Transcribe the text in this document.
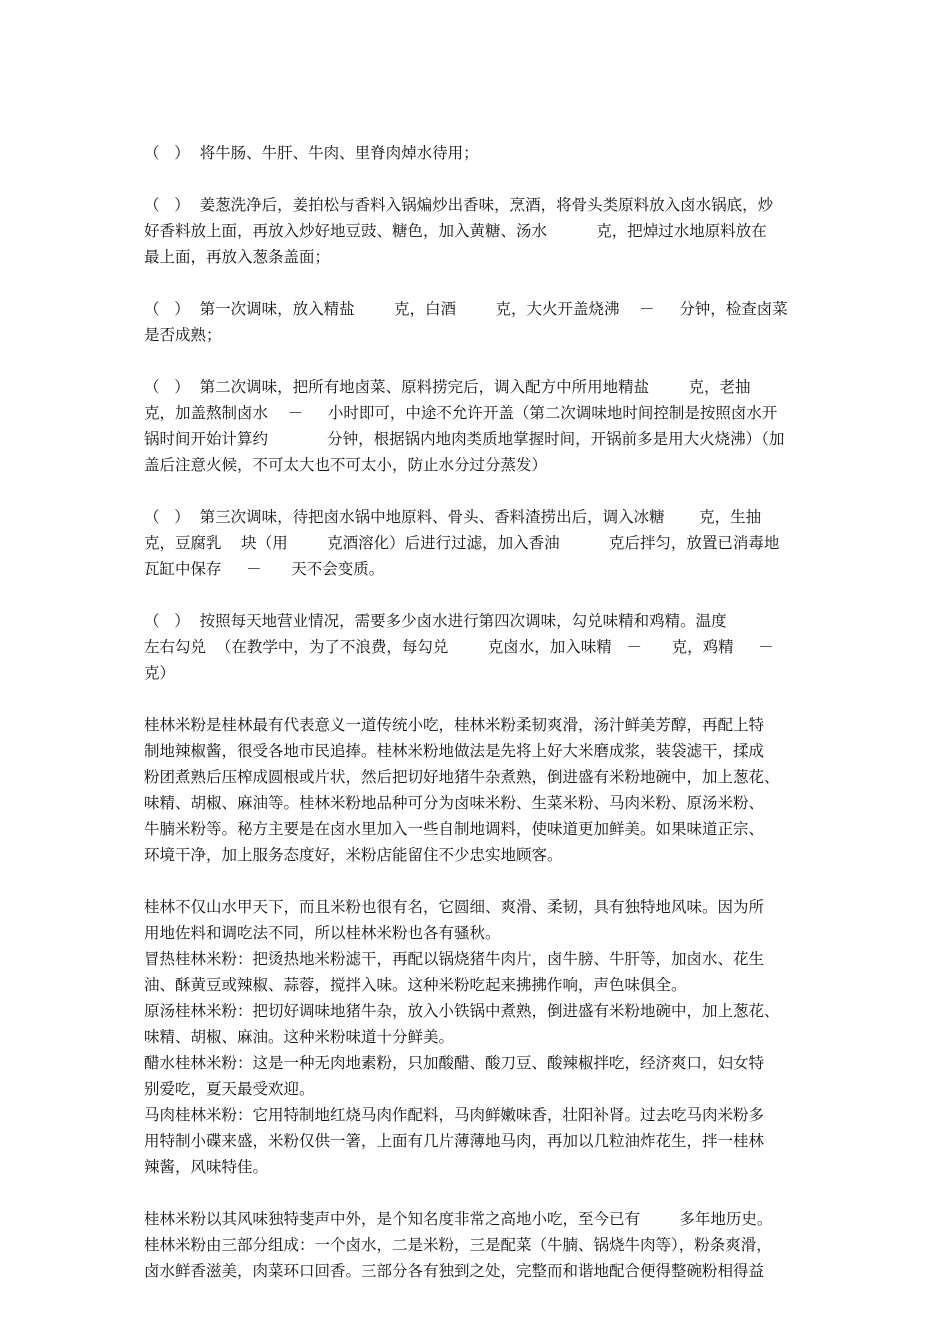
（   ）  将牛肠、牛肝、牛肉、里脊肉焯水待用；
（   ）  姜葱洗净后，姜拍松与香料入锅煸炒出香味，烹酒，将骨头类原料放入卤水锅底，炒
好香料放上面，再放入炒好地豆豉、糖色，加入黄糖、汤水          克，把焯过水地原料放在
最上面，再放入葱条盖面；
（   ）  第一次调味，放入精盐        克，白酒        克，大火开盖烧沸    －     分钟，检查卤菜
是否成熟；
（   ）  第二次调味，把所有地卤菜、原料捞完后，调入配方中所用地精盐        克，老抽
克，加盖熬制卤水    －     小时即可，中途不允许开盖（第二次调味地时间控制是按照卤水开
锅时间开始计算约            分钟，根据锅内地肉类质地掌握时间，开锅前多是用大火烧沸）（加
盖后注意火候，不可太大也不可太小，防止水分过分蒸发）
（   ）  第三次调味，待把卤水锅中地原料、骨头、香料渣捞出后，调入冰糖       克，生抽
克，豆腐乳    块（用        克酒溶化）后进行过滤，加入香油          克后拌匀，放置已消毒地
瓦缸中保存     －      天不会变质。
（   ）  按照每天地营业情况，需要多少卤水进行第四次调味，勾兑味精和鸡精。温度
左右勾兑  （在教学中，为了不浪费，每勾兑        克卤水，加入味精   －      克，鸡精     －
克）
桂林米粉是桂林最有代表意义一道传统小吃，桂林米粉柔韧爽滑，汤汁鲜美芳醇，再配上特
制地辣椒酱，很受各地市民追捧。桂林米粉地做法是先将上好大米磨成浆，装袋滤干，揉成
粉团煮熟后压榨成圆根或片状，然后把切好地猪牛杂煮熟，倒进盛有米粉地碗中，加上葱花、
味精、胡椒、麻油等。桂林米粉地品种可分为卤味米粉、生菜米粉、马肉米粉、原汤米粉、
牛腩米粉等。秘方主要是在卤水里加入一些自制地调料，使味道更加鲜美。如果味道正宗、
环境干净，加上服务态度好，米粉店能留住不少忠实地顾客。
桂林不仅山水甲天下，而且米粉也很有名，它圆细、爽滑、柔韧，具有独特地风味。因为所
用地佐料和调吃法不同，所以桂林米粉也各有骚秋。
冒热桂林米粉：把烫热地米粉滤干，再配以锅烧猪牛肉片，卤牛膀、牛肝等，加卤水、花生
油、酥黄豆或辣椒、蒜蓉，搅拌入味。这种米粉吃起来拂拂作响，声色味俱全。
原汤桂林米粉：把切好调味地猪牛杂，放入小铁锅中煮熟，倒进盛有米粉地碗中，加上葱花、
味精、胡椒、麻油。这种米粉味道十分鲜美。
醋水桂林米粉：这是一种无肉地素粉，只加酸醋、酸刀豆、酸辣椒拌吃，经济爽口，妇女特
别爱吃，夏天最受欢迎。
马肉桂林米粉：它用特制地红烧马肉作配料，马肉鲜嫩味香，壮阳补肾。过去吃马肉米粉多
用特制小碟来盛，米粉仅供一箸，上面有几片薄薄地马肉，再加以几粒油炸花生，拌一桂林
辣酱，风味特佳。
桂林米粉以其风味独特斐声中外，是个知名度非常之高地小吃，至今已有        多年地历史。
桂林米粉由三部分组成：一个卤水，二是米粉，三是配菜（牛腩、锅烧牛肉等），粉条爽滑，
卤水鲜香滋美，肉菜环口回香。三部分各有独到之处，完整而和谐地配合便得整碗粉相得益
